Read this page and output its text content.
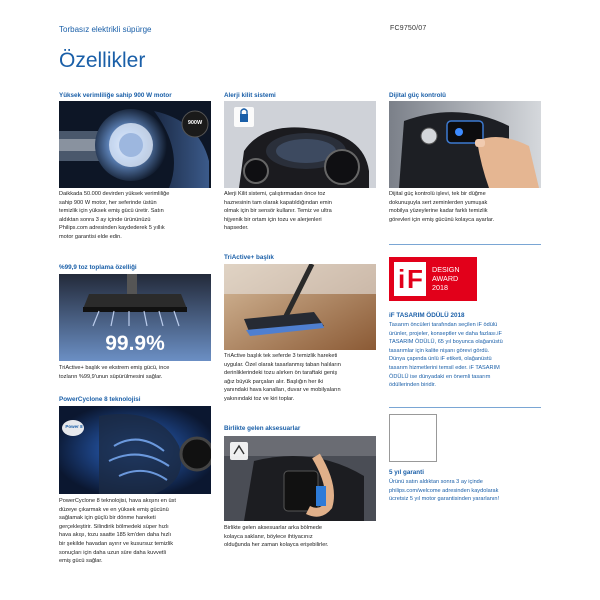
Torbasız elektrikli süpürge	FC9750/07
Özellikler
Yüksek verimliliğe sahip 900 W motor
900W
Daikkada 50.000 devirden yüksek verimliliğe
sahip 900 W motor, her seferinde üstün
temizlik için yüksek emiş gücü üretir. Satın
aldıktan sonra 3 ay içinde ürününüzü
Philips.com adresinden kaydederek 5 yıllık
motor garantisi elde edin.
%99,9 toz toplama özelliği
99.9%
TriActive+ başlık ve ekstrem emiş gücü, ince
tozların %99,9'unun süpürülmesini sağlar.
PowerCyclone 8 teknolojisi
Power 8
PowerCyclone 8 teknolojisi, hava akışını en üst
düzeye çıkarmak ve en yüksek emiş gücünü
sağlamak için güçlü bir dönme hareketi
gerçekleştirir. Silindirik bölmedeki süper hızlı
hava akışı, tozu saatte 185 km'den daha hızlı
bir şekilde havadan ayırır ve kusursuz temizlik
sonuçları için daha uzun süre daha kuvvetli
emiş gücü sağlar.
Alerji kilit sistemi
Alerji Kilit sistemi, çalıştırmadan önce toz
haznesinin tam olarak kapatıldığından emin
olmak için bir sensör kullanır. Temiz ve ultra
hijyenik bir ortam için tozu ve alerjenleri
hapseder.
TriActive+ başlık
TriActive başlık tek seferde 3 temizlik hareketi
uygular. Özel olarak tasarlanmış taban halıların
derinliklerindeki tozu alırken ön taraftaki geniş
ağız büyük parçaları alır. Başlığın her iki
yanındaki hava kanalları, duvar ve mobilyaların
yakınındaki toz ve kiri toplar.
Birlikte gelen aksesuarlar
Birlikte gelen aksesuarlar arka bölmede
kolayca saklanır, böylece ihtiyacınız
olduğunda her zaman kolayca erişebilirler.
Dijital güç kontrolü
Dijital güç kontrolü işlevi, tek bir düğme
dokunuşuyla sert zeminlerden yumuşak
mobilya yüzeylerine kadar farklı temizlik
görevleri için emiş gücünü kolayca ayarlar.
i F DESIGN
AWARD
2018
iF TASARIM ÖDÜLÜ 2018
Tasarım öncüleri tarafından seçilen iF ödülü
ürünler, projeler, konseptler ve daha fazlası.iF
TASARIM ÖDÜLÜ, 65 yıl boyunca olağanüstü
tasarımlar için kalite nişanı görevi gördü.
Dünya çapında ünlü iF etiketi, olağanüstü
tasarım hizmetlerini temsil eder. iF TASARIM
ÖDÜLÜ ise dünyadaki en önemli tasarım
ödüllerinden biridir.
5 yıl garanti
Ürünü satın aldıktan sonra 3 ay içinde
philips.com/welcome adresinden kaydolarak
ücretsiz 5 yıl motor garantisinden yararlanın!
